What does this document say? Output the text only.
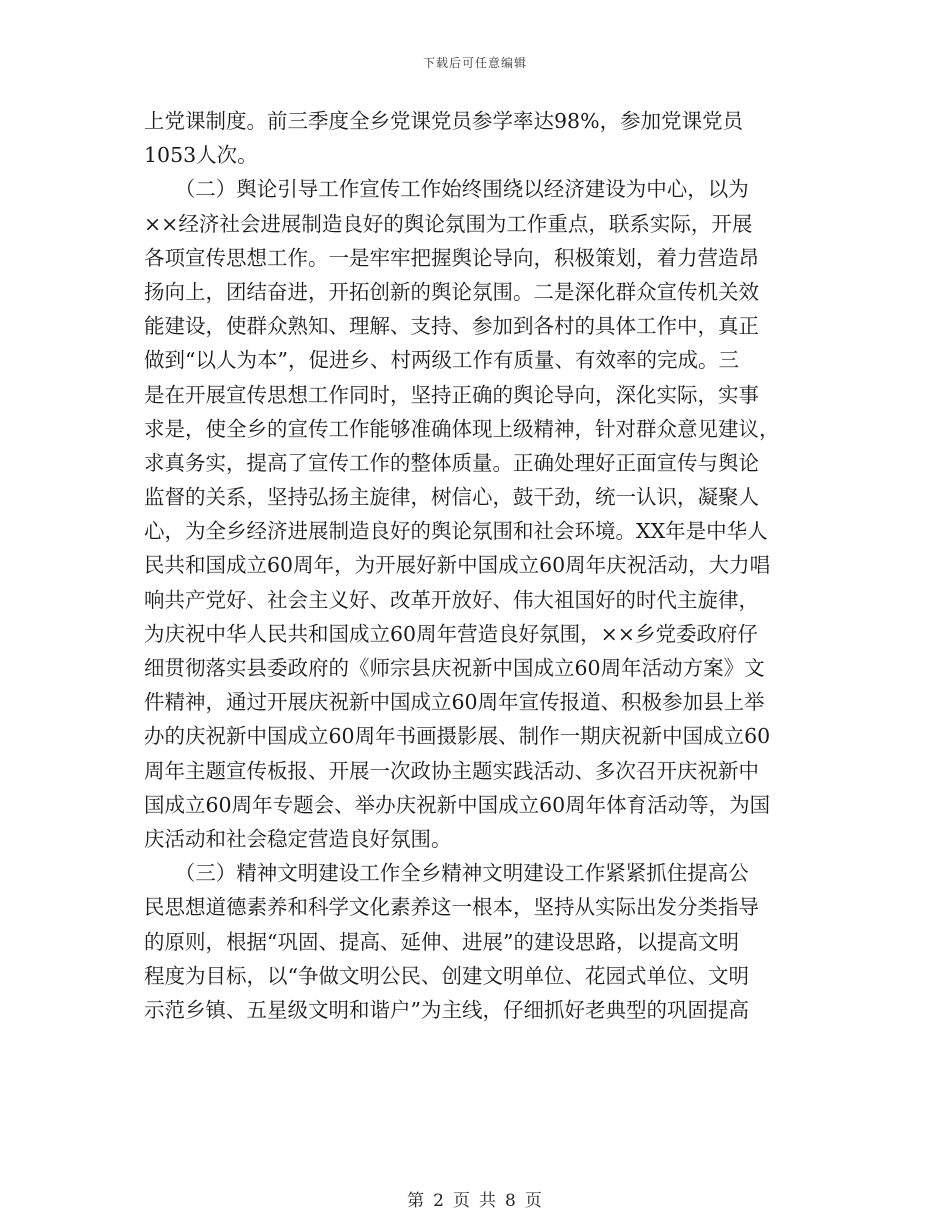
下载后可任意编辑
上党课制度。前三季度全乡党课党员参学率达98%，参加党课党员
1053人次。
　　（二）舆论引导工作宣传工作始终围绕以经济建设为中心，以为
××经济社会进展制造良好的舆论氛围为工作重点，联系实际，开展
各项宣传思想工作。一是牢牢把握舆论导向，积极策划，着力营造昂
扬向上，团结奋进，开拓创新的舆论氛围。二是深化群众宣传机关效
能建设，使群众熟知、理解、支持、参加到各村的具体工作中，真正
做到“以人为本”，促进乡、村两级工作有质量、有效率的完成。三
是在开展宣传思想工作同时，坚持正确的舆论导向，深化实际，实事
求是，使全乡的宣传工作能够准确体现上级精神，针对群众意见建议，
求真务实，提高了宣传工作的整体质量。正确处理好正面宣传与舆论
监督的关系，坚持弘扬主旋律，树信心，鼓干劲，统一认识，凝聚人
心，为全乡经济进展制造良好的舆论氛围和社会环境。XX年是中华人
民共和国成立60周年，为开展好新中国成立60周年庆祝活动，大力唱
响共产党好、社会主义好、改革开放好、伟大祖国好的时代主旋律，
为庆祝中华人民共和国成立60周年营造良好氛围，××乡党委政府仔
细贯彻落实县委政府的《师宗县庆祝新中国成立60周年活动方案》文
件精神，通过开展庆祝新中国成立60周年宣传报道、积极参加县上举
办的庆祝新中国成立60周年书画摄影展、制作一期庆祝新中国成立60
周年主题宣传板报、开展一次政协主题实践活动、多次召开庆祝新中
国成立60周年专题会、举办庆祝新中国成立60周年体育活动等，为国
庆活动和社会稳定营造良好氛围。
　　（三）精神文明建设工作全乡精神文明建设工作紧紧抓住提高公
民思想道德素养和科学文化素养这一根本，坚持从实际出发分类指导
的原则，根据“巩固、提高、延伸、进展”的建设思路，以提高文明
程度为目标，以“争做文明公民、创建文明单位、花园式单位、文明
示范乡镇、五星级文明和谐户”为主线，仔细抓好老典型的巩固提高
第 2 页 共 8 页
